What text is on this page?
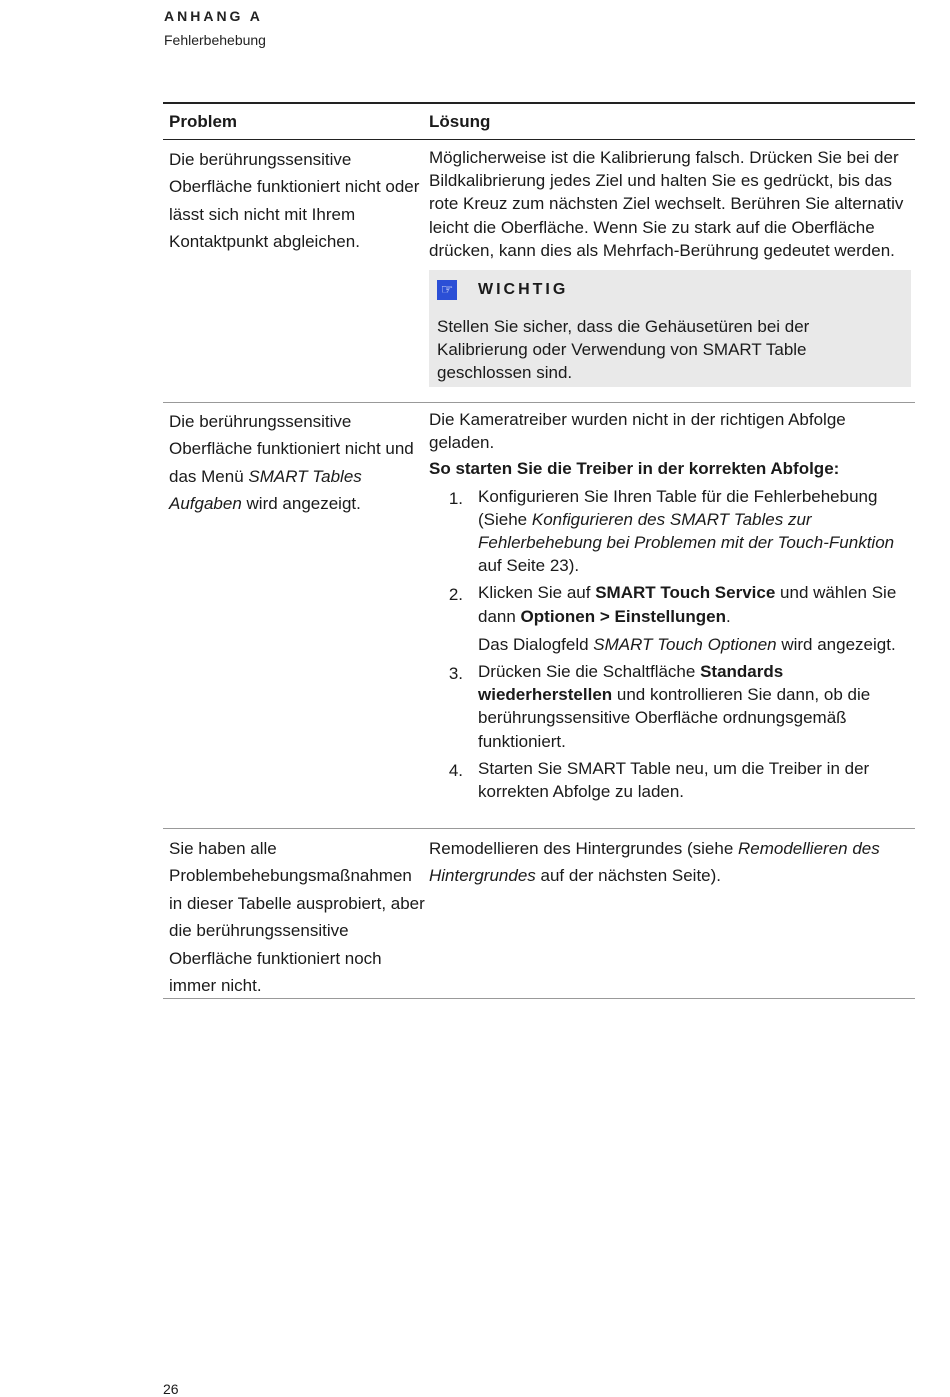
ANHANG A
Fehlerbehebung
Problem	Lösung
Die berührungssensitive Oberfläche funktioniert nicht oder lässt sich nicht mit Ihrem Kontaktpunkt abgleichen.
Möglicherweise ist die Kalibrierung falsch. Drücken Sie bei der Bildkalibrierung jedes Ziel und halten Sie es gedrückt, bis das rote Kreuz zum nächsten Ziel wechselt. Berühren Sie alternativ leicht die Oberfläche. Wenn Sie zu stark auf die Oberfläche drücken, kann dies als Mehrfach-Berührung gedeutet werden.
☞ WICHTIG
Stellen Sie sicher, dass die Gehäusetüren bei der Kalibrierung oder Verwendung von SMART Table geschlossen sind.
Die berührungssensitive Oberfläche funktioniert nicht und das Menü SMART Tables Aufgaben wird angezeigt.
Die Kameratreiber wurden nicht in der richtigen Abfolge geladen.
So starten Sie die Treiber in der korrekten Abfolge:
1. Konfigurieren Sie Ihren Table für die Fehlerbehebung (Siehe Konfigurieren des SMART Tables zur Fehlerbehebung bei Problemen mit der Touch-Funktion auf Seite 23).
2. Klicken Sie auf SMART Touch Service und wählen Sie dann Optionen > Einstellungen.
Das Dialogfeld SMART Touch Optionen wird angezeigt.
3. Drücken Sie die Schaltfläche Standards wiederherstellen und kontrollieren Sie dann, ob die berührungssensitive Oberfläche ordnungsgemäß funktioniert.
4. Starten Sie SMART Table neu, um die Treiber in der korrekten Abfolge zu laden.
Sie haben alle Problembehebungsmaßnahmen in dieser Tabelle ausprobiert, aber die berührungssensitive Oberfläche funktioniert noch immer nicht.
Remodellieren des Hintergrundes (siehe Remodellieren des Hintergrundes auf der nächsten Seite).
26
